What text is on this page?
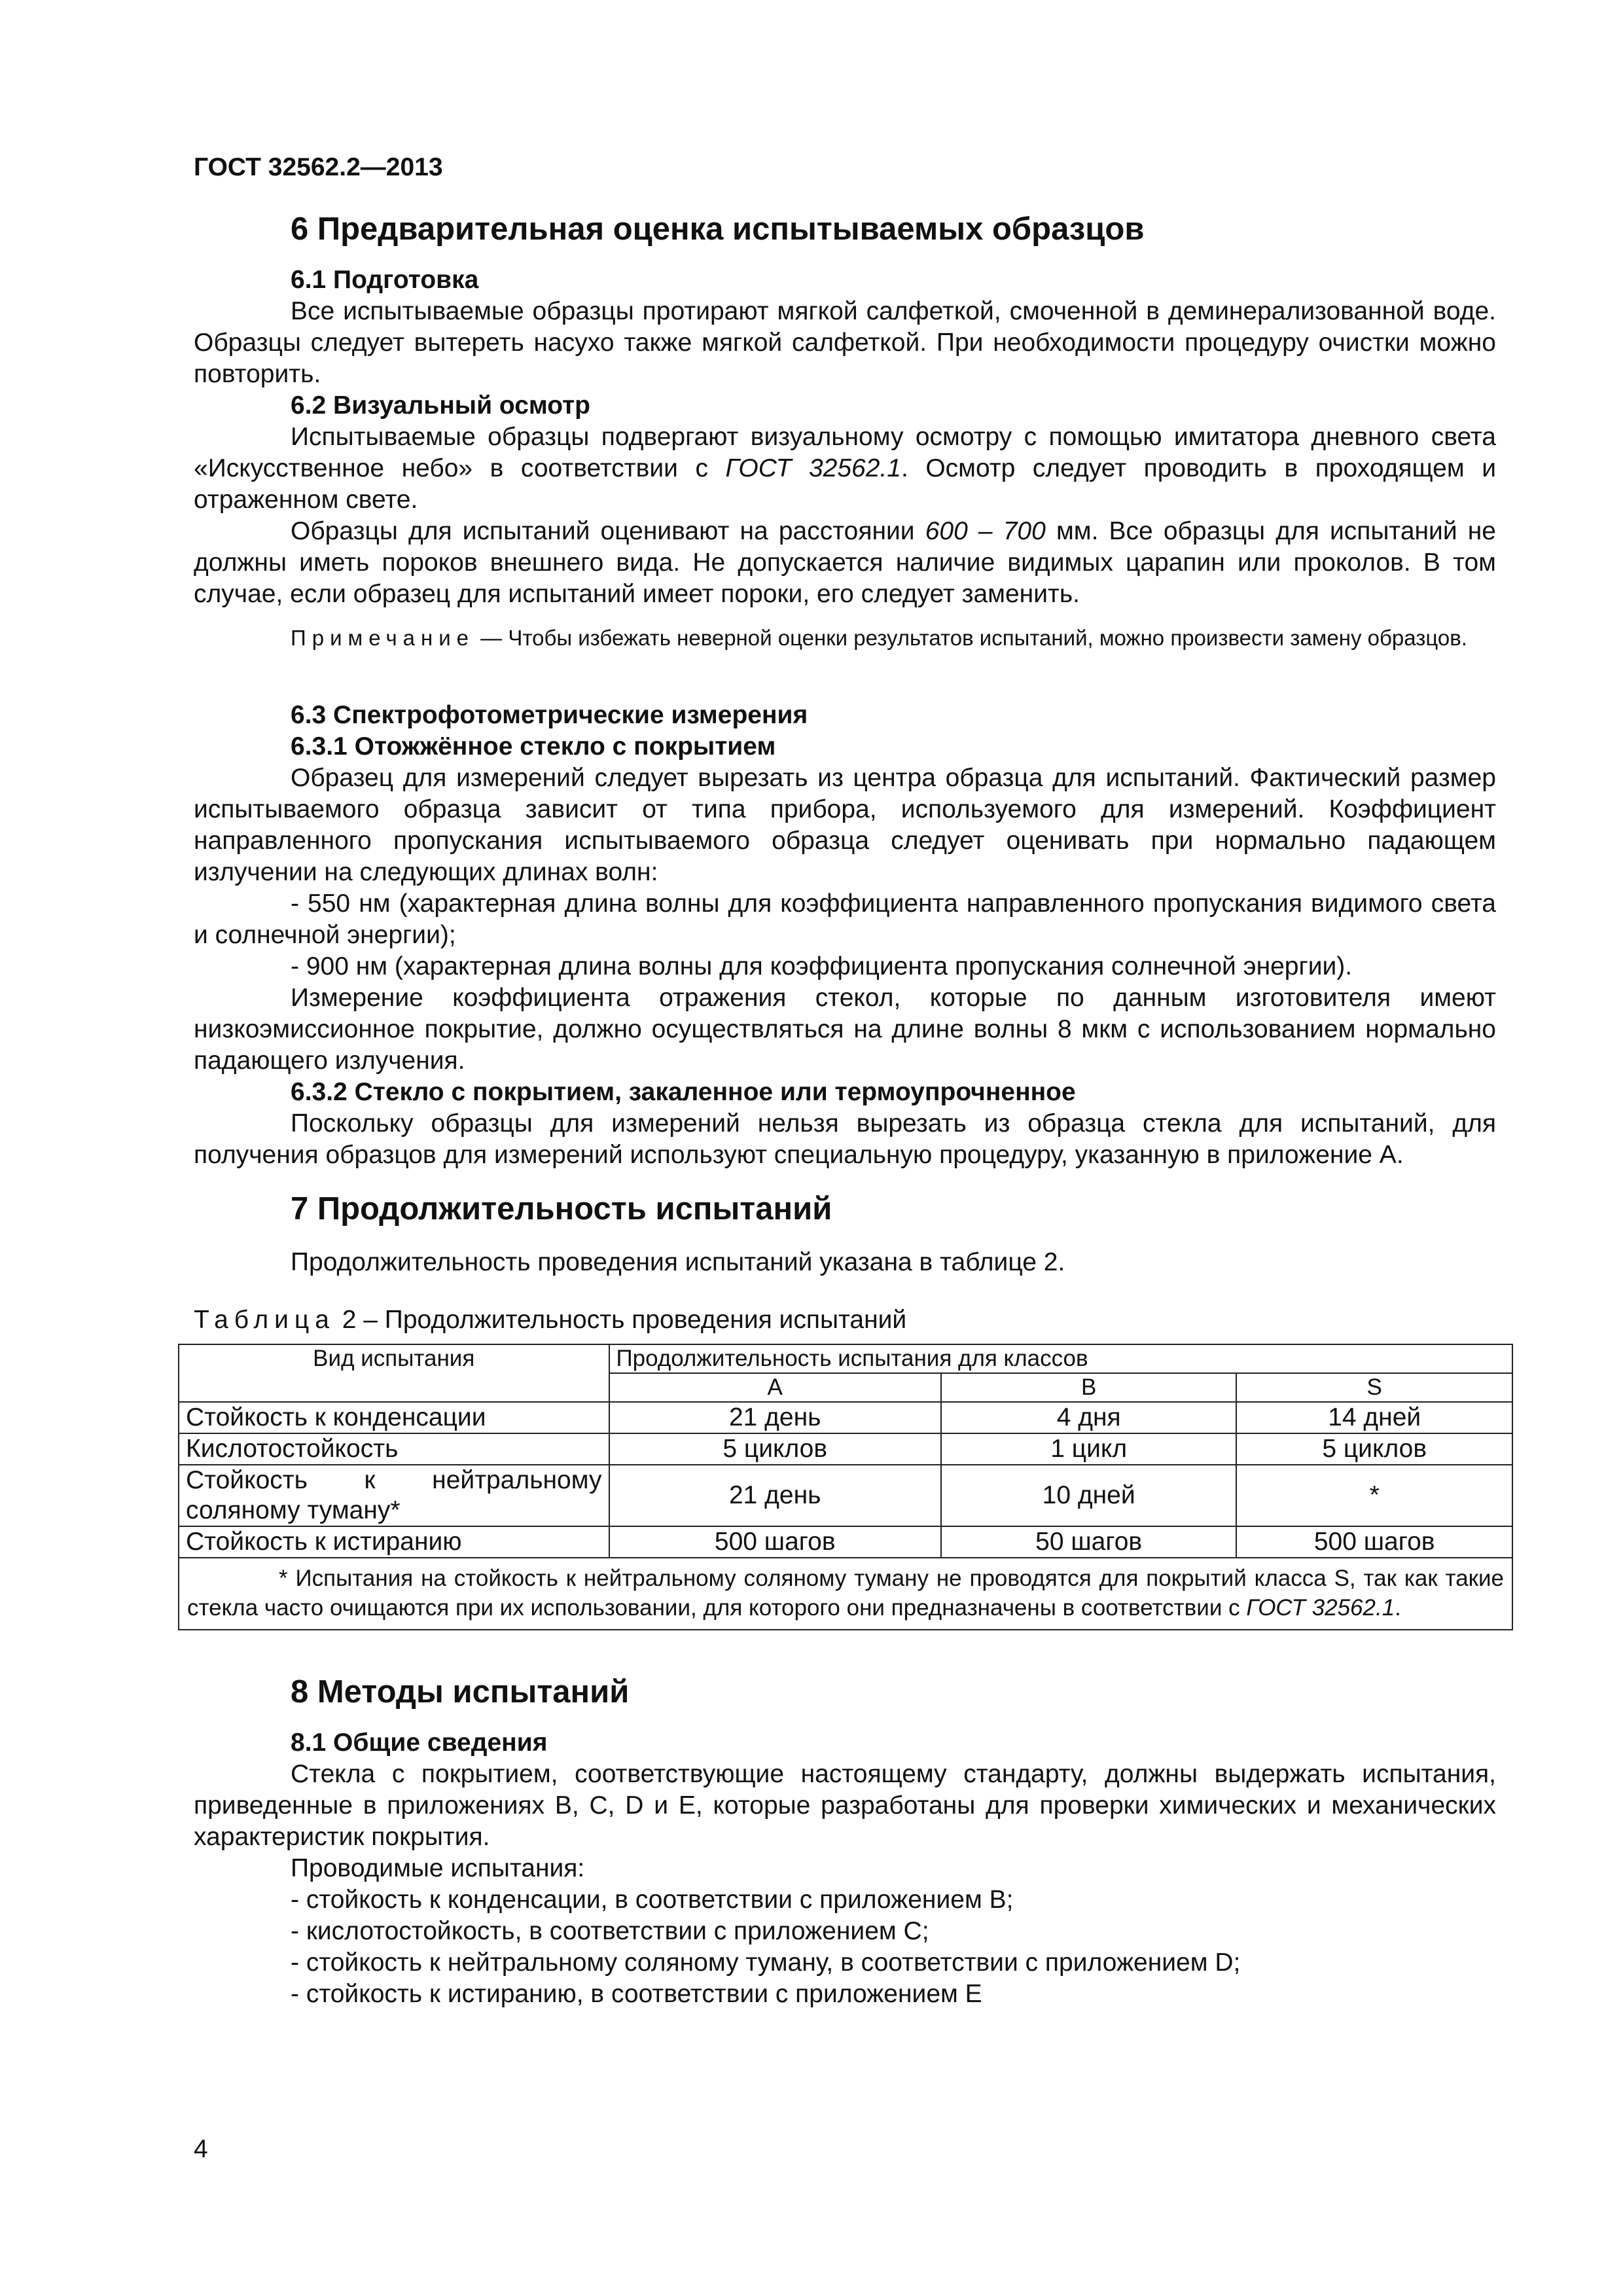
ГОСТ 32562.2—2013
6 Предварительная оценка испытываемых образцов
6.1 Подготовка

Все испытываемые образцы протирают мягкой салфеткой, смоченной в деминерализованной воде. Образцы следует вытереть насухо также мягкой салфеткой. При необходимости процедуру очистки можно повторить.

6.2 Визуальный осмотр

Испытываемые образцы подвергают визуальному осмотру с помощью имитатора дневного света «Искусственное небо» в соответствии с ГОСТ 32562.1. Осмотр следует проводить в проходящем и отраженном свете.

Образцы для испытаний оценивают на расстоянии 600 – 700 мм. Все образцы для испытаний не должны иметь пороков внешнего вида. Не допускается наличие видимых царапин или проколов. В том случае, если образец для испытаний имеет пороки, его следует заменить.

Примечание — Чтобы избежать неверной оценки результатов испытаний, можно произвести замену образцов.

6.3 Спектрофотометрические измерения
6.3.1 Отожжённое стекло с покрытием

Образец для измерений следует вырезать из центра образца для испытаний. Фактический размер испытываемого образца зависит от типа прибора, используемого для измерений. Коэффициент направленного пропускания испытываемого образца следует оценивать при нормально падающем излучении на следующих длинах волн:

- 550 нм (характерная длина волны для коэффициента направленного пропускания видимого света и солнечной энергии);

- 900 нм (характерная длина волны для коэффициента пропускания солнечной энергии).

Измерение коэффициента отражения стекол, которые по данным изготовителя имеют низкоэмиссионное покрытие, должно осуществляться на длине волны 8 мкм с использованием нормально падающего излучения.

6.3.2 Стекло с покрытием, закаленное или термоупрочненное

Поскольку образцы для измерений нельзя вырезать из образца стекла для испытаний, для получения образцов для измерений используют специальную процедуру, указанную в приложение А.

7 Продолжительность испытаний

Продолжительность проведения испытаний указана в таблице 2.

Таблица 2 – Продолжительность проведения испытаний

Вид испытания	Продолжительность испытания для классов		
	A	B	S
Стойкость к конденсации	21 день	4 дня	14 дней
Кислотостойкость	5 циклов	1 цикл	5 циклов
Стойкость к нейтральному соляному туману*	21 день	10 дней	*
Стойкость к истиранию	500 шагов	50 шагов	500 шагов
* Испытания на стойкость к нейтральному соляному туману не проводятся для покрытий класса S, так как такие стекла часто очищаются при их использовании, для которого они предназначены в соответствии с ГОСТ 32562.1.			
8 Методы испытаний
8.1 Общие сведения

Стекла с покрытием, соответствующие настоящему стандарту, должны выдержать испытания, приведенные в приложениях B, C, D и E, которые разработаны для проверки химических и механических характеристик покрытия.

Проводимые испытания:

- стойкость к конденсации, в соответствии с приложением B;

- кислотостойкость, в соответствии с приложением C;

- стойкость к нейтральному соляному туману, в соответствии с приложением D;

- стойкость к истиранию, в соответствии с приложением E

4
